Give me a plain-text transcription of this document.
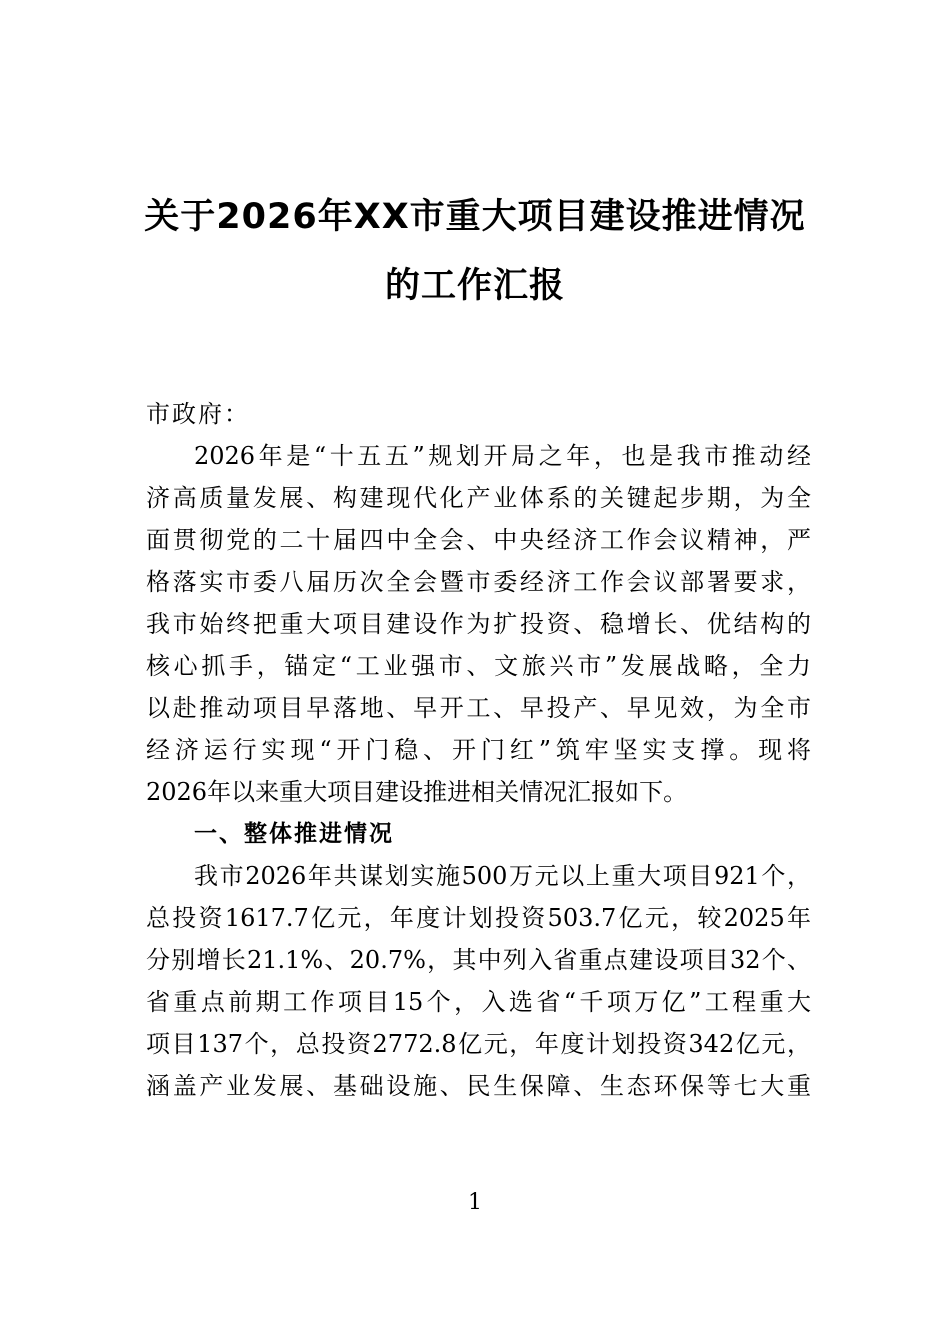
关于2026年XX市重大项目建设推进情况
的工作汇报
市政府：
2026年是“十五五”规划开局之年，也是我市推动经
济高质量发展、构建现代化产业体系的关键起步期，为全
面贯彻党的二十届四中全会、中央经济工作会议精神，严
格落实市委八届历次全会暨市委经济工作会议部署要求，
我市始终把重大项目建设作为扩投资、稳增长、优结构的
核心抓手，锚定“工业强市、文旅兴市”发展战略，全力
以赴推动项目早落地、早开工、早投产、早见效，为全市
经济运行实现“开门稳、开门红”筑牢坚实支撑。现将
2026年以来重大项目建设推进相关情况汇报如下。
一、整体推进情况
我市2026年共谋划实施500万元以上重大项目921个，
总投资1617.7亿元，年度计划投资503.7亿元，较2025年
分别增长21.1%、20.7%，其中列入省重点建设项目32个、
省重点前期工作项目15个，入选省“千项万亿”工程重大
项目137个，总投资2772.8亿元，年度计划投资342亿元，
涵盖产业发展、基础设施、民生保障、生态环保等七大重
1
